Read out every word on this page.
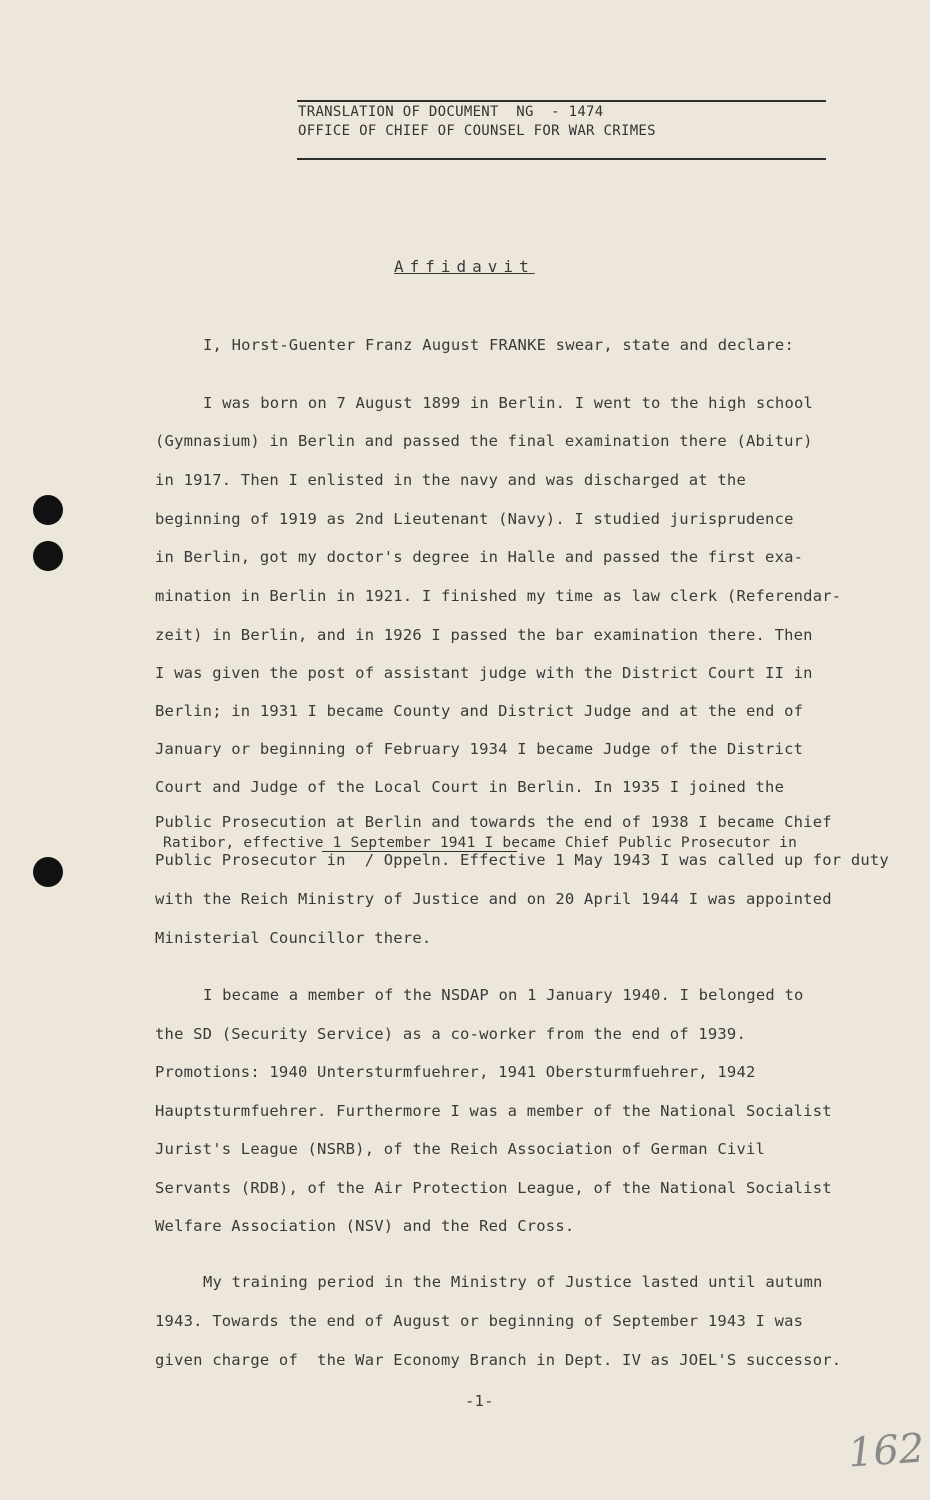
TRANSLATION OF DOCUMENT  NG  - 1474
OFFICE OF CHIEF OF COUNSEL FOR WAR CRIMES
Affidavit
I, Horst-Guenter Franz August FRANKE swear, state and declare:
I was born on 7 August 1899 in Berlin. I went to the high school
(Gymnasium) in Berlin and passed the final examination there (Abitur)
in 1917. Then I enlisted in the navy and was discharged at the
beginning of 1919 as 2nd Lieutenant (Navy). I studied jurisprudence
in Berlin, got my doctor's degree in Halle and passed the first exa-
mination in Berlin in 1921. I finished my time as law clerk (Referendar-
zeit) in Berlin, and in 1926 I passed the bar examination there. Then
I was given the post of assistant judge with the District Court II in
Berlin; in 1931 I became County and District Judge and at the end of
January or beginning of February 1934 I became Judge of the District
Court and Judge of the Local Court in Berlin. In 1935 I joined the
Public Prosecution at Berlin and towards the end of 1938 I became Chief
Ratibor, effective 1 September 1941 I became Chief Public Prosecutor in
Public Prosecutor in  / Oppeln. Effective 1 May 1943 I was called up for duty
with the Reich Ministry of Justice and on 20 April 1944 I was appointed
Ministerial Councillor there.
I became a member of the NSDAP on 1 January 1940. I belonged to
the SD (Security Service) as a co-worker from the end of 1939.
Promotions: 1940 Untersturmfuehrer, 1941 Obersturmfuehrer, 1942
Hauptsturmfuehrer. Furthermore I was a member of the National Socialist
Jurist's League (NSRB), of the Reich Association of German Civil
Servants (RDB), of the Air Protection League, of the National Socialist
Welfare Association (NSV) and the Red Cross.
My training period in the Ministry of Justice lasted until autumn
1943. Towards the end of August or beginning of September 1943 I was
given charge of  the War Economy Branch in Dept. IV as JOEL'S successor.
-1-
162
